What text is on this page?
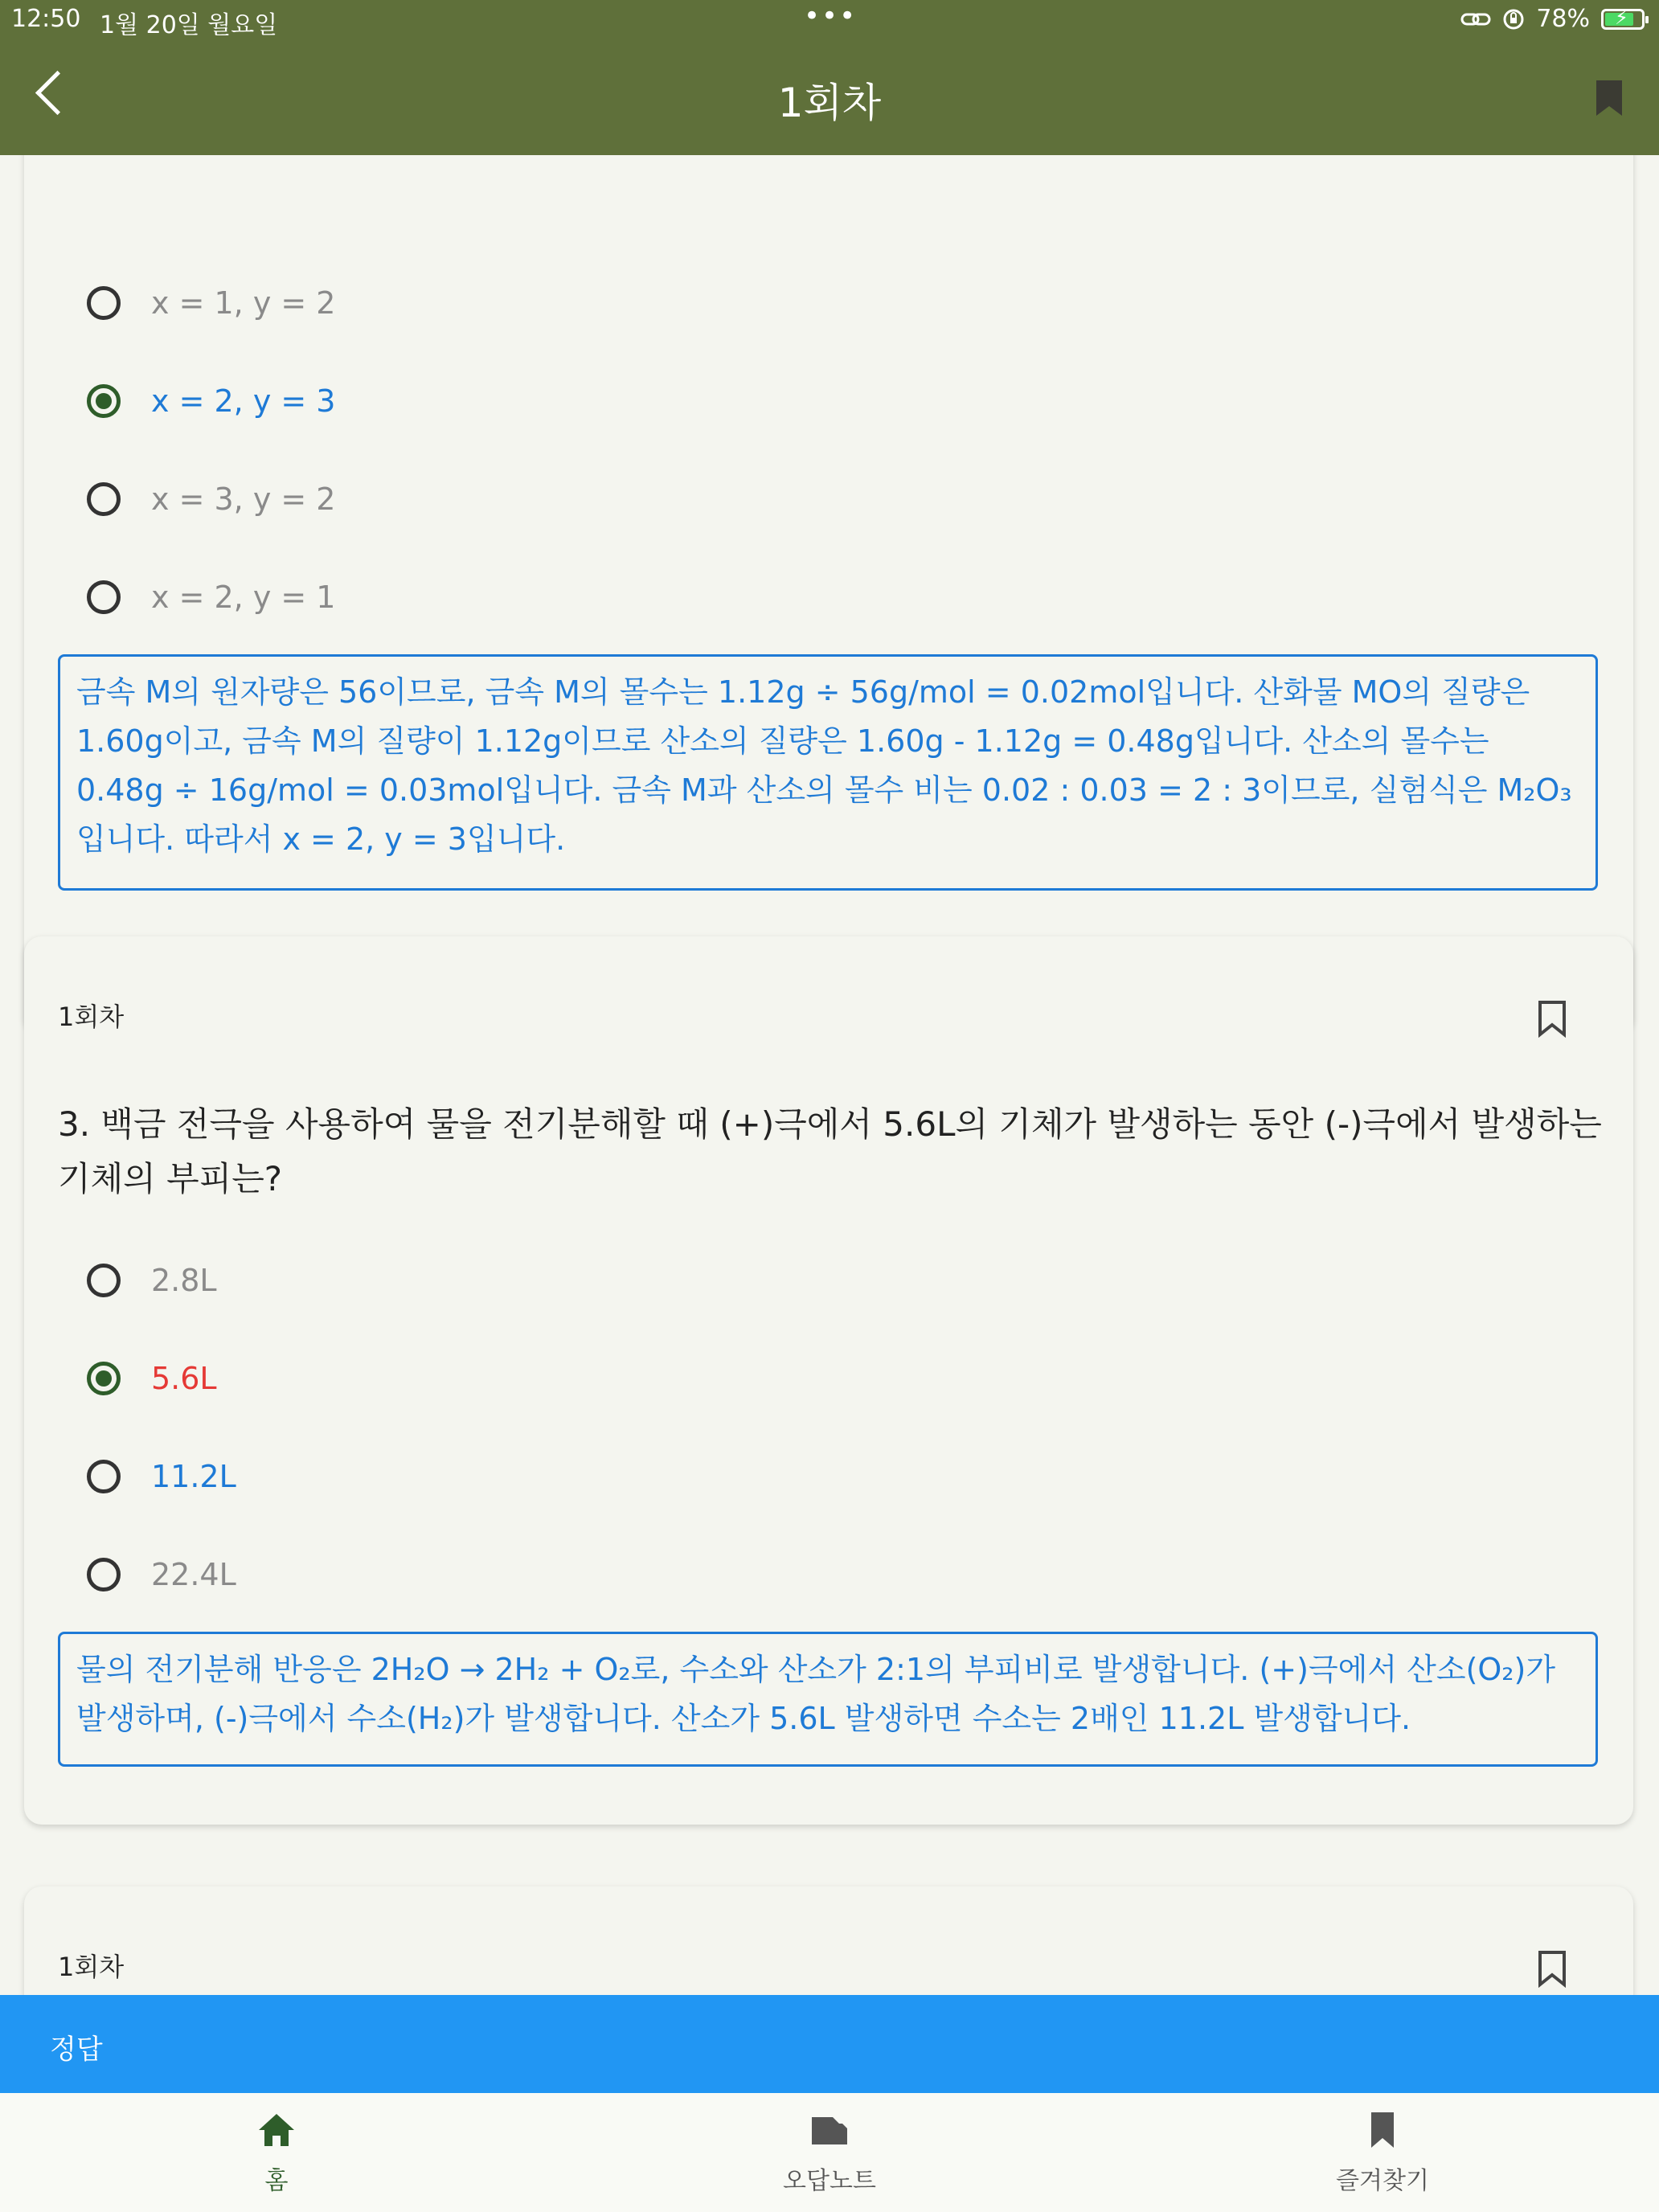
12:50 1월 20일 월요일	•••	78% ⚡
1회차
x = 1, y = 2
x = 2, y = 3
x = 3, y = 2
x = 2, y = 1
금속 M의 원자량은 56이므로, 금속 M의 몰수는 1.12g ÷ 56g/mol = 0.02mol입니다. 산화물 MO의 질량은 1.60g이고, 금속 M의 질량이 1.12g이므로 산소의 질량은 1.60g - 1.12g = 0.48g입니다. 산소의 몰수는 0.48g ÷ 16g/mol = 0.03mol입니다. 금속 M과 산소의 몰수 비는 0.02 : 0.03 = 2 : 3이므로, 실험식은 M₂O₃입니다. 따라서 x = 2, y = 3입니다.
1회차
3. 백금 전극을 사용하여 물을 전기분해할 때 (+)극에서 5.6L의 기체가 발생하는 동안 (-)극에서 발생하는 기체의 부피는?
2.8L
5.6L
11.2L
22.4L
물의 전기분해 반응은 2H₂O → 2H₂ + O₂로, 수소와 산소가 2:1의 부피비로 발생합니다. (+)극에서 산소(O₂)가 발생하며, (-)극에서 수소(H₂)가 발생합니다. 산소가 5.6L 발생하면 수소는 2배인 11.2L 발생합니다.
1회차
정답
홈	오답노트	즐겨찾기
